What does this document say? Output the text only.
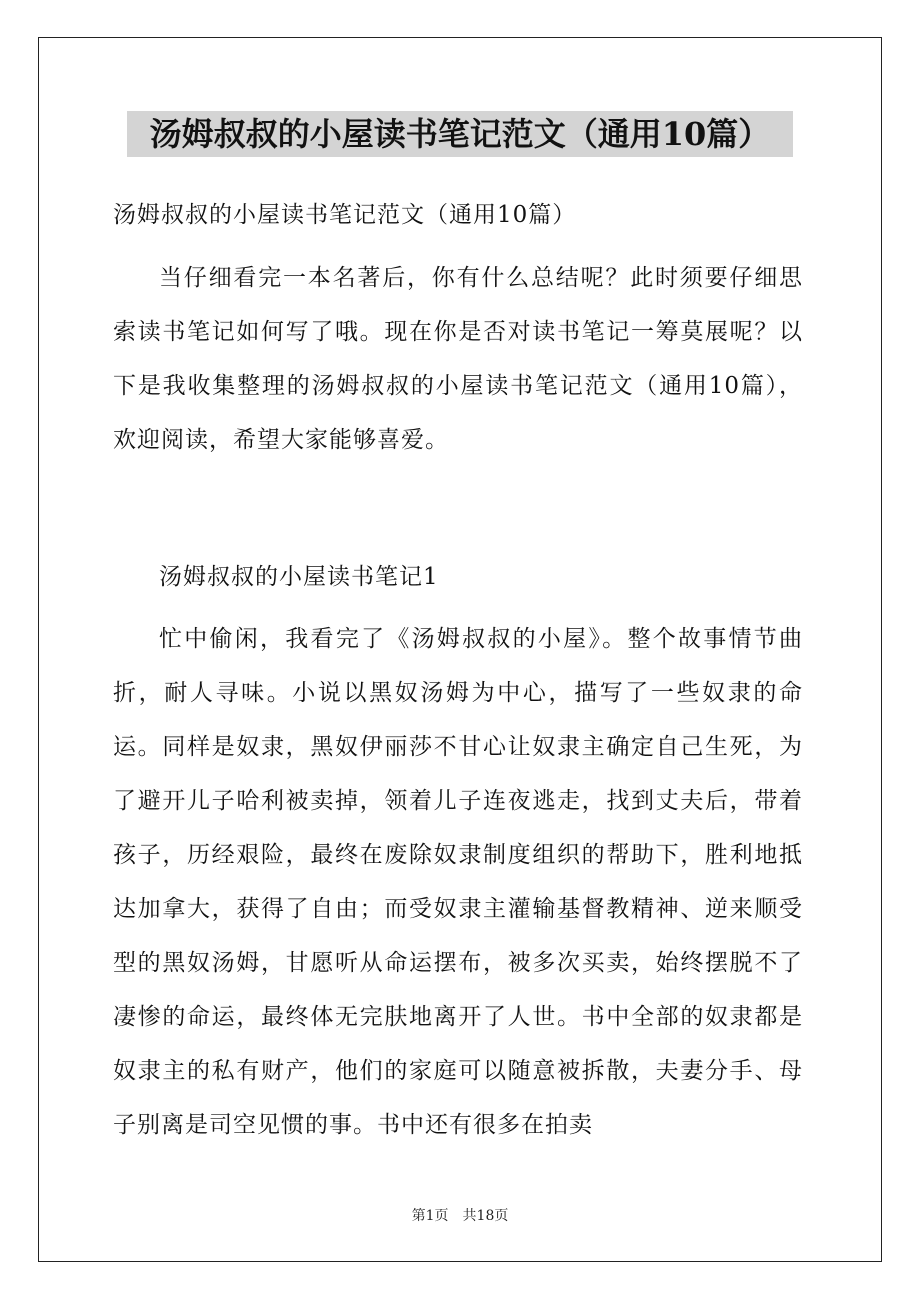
汤姆叔叔的小屋读书笔记范文（通用10篇）

汤姆叔叔的小屋读书笔记范文（通用10篇）

当仔细看完一本名著后，你有什么总结呢？此时须要仔细思索读书笔记如何写了哦。现在你是否对读书笔记一筹莫展呢？以下是我收集整理的汤姆叔叔的小屋读书笔记范文（通用10篇），欢迎阅读，希望大家能够喜爱。

汤姆叔叔的小屋读书笔记1

忙中偷闲，我看完了《汤姆叔叔的小屋》。整个故事情节曲折，耐人寻味。小说以黑奴汤姆为中心，描写了一些奴隶的命运。同样是奴隶，黑奴伊丽莎不甘心让奴隶主确定自己生死，为了避开儿子哈利被卖掉，领着儿子连夜逃走，找到丈夫后，带着孩子，历经艰险，最终在废除奴隶制度组织的帮助下，胜利地抵达加拿大，获得了自由；而受奴隶主灌输基督教精神、逆来顺受型的黑奴汤姆，甘愿听从命运摆布，被多次买卖，始终摆脱不了凄惨的命运，最终体无完肤地离开了人世。书中全部的奴隶都是奴隶主的私有财产，他们的家庭可以随意被拆散，夫妻分手、母子别离是司空见惯的事。书中还有很多在拍卖

第1页 共18页
